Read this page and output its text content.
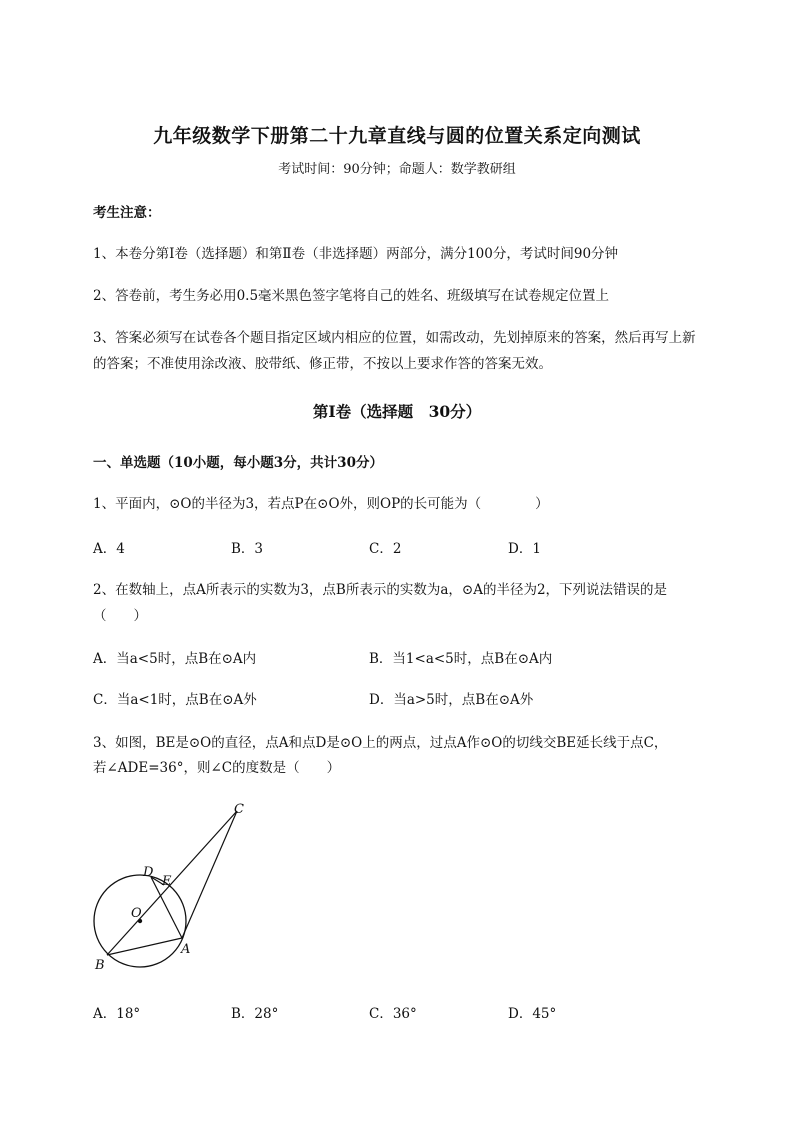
九年级数学下册第二十九章直线与圆的位置关系定向测试
考试时间：90分钟；命题人：数学教研组
考生注意：
1、本卷分第I卷（选择题）和第Ⅱ卷（非选择题）两部分，满分100分，考试时间90分钟
2、答卷前，考生务必用0.5毫米黑色签字笔将自己的姓名、班级填写在试卷规定位置上
3、答案必须写在试卷各个题目指定区域内相应的位置，如需改动，先划掉原来的答案，然后再写上新
的答案；不准使用涂改液、胶带纸、修正带，不按以上要求作答的答案无效。
第I卷（选择题　30分）
一、单选题（10小题，每小题3分，共计30分）
1、平面内，⊙O的半径为3，若点P在⊙O外，则OP的长可能为（　　　　）
A．4	B．3	C．2	D．1
2、在数轴上，点A所表示的实数为3，点B所表示的实数为a，⊙A的半径为2，下列说法错误的是
（　　）
A．当a<5时，点B在⊙A内	B．当1<a<5时，点B在⊙A内
C．当a<1时，点B在⊙A外	D．当a>5时，点B在⊙A外
3、如图，BE是⊙O的直径，点A和点D是⊙O上的两点，过点A作⊙O的切线交BE延长线于点C，
若∠ADE=36°，则∠C的度数是（　　）
C
D
E
O
A
B
A．18°	B．28°	C．36°	D．45°
